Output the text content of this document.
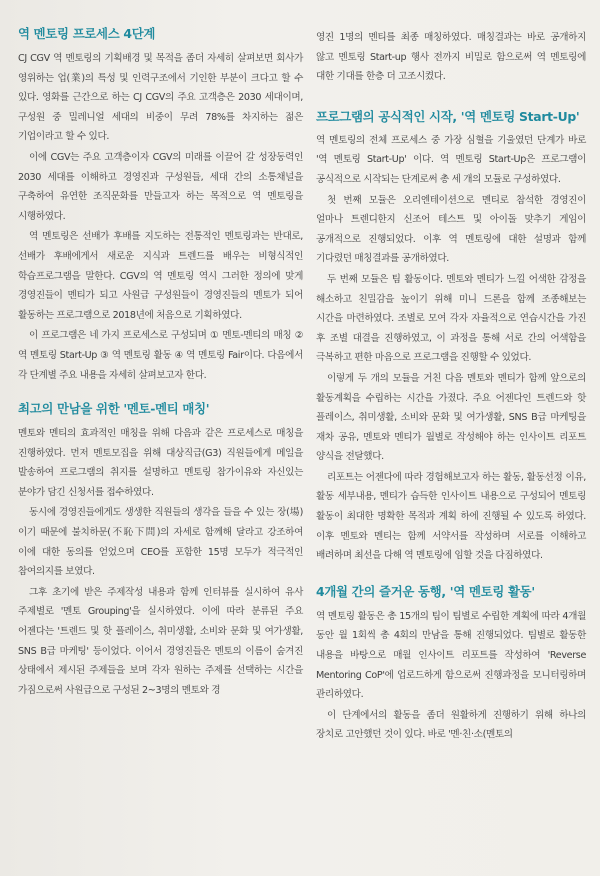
역 멘토링 프로세스 4단계

CJ CGV 역 멘토링의 기획배경 및 목적을 좀더 자세히 살펴보면 회사가 영위하는 업(業)의 특성 및 인력구조에서 기인한 부분이 크다고 할 수 있다. 영화를 근간으로 하는 CJ CGV의 주요 고객층은 2030 세대이며, 구성원 중 밀레니얼 세대의 비중이 무려 78%를 차지하는 젊은 기업이라고 할 수 있다.

이에 CGV는 주요 고객층이자 CGV의 미래를 이끌어 갈 성장동력인 2030 세대를 이해하고 경영진과 구성원들, 세대 간의 소통채널을 구축하여 유연한 조직문화를 만들고자 하는 목적으로 역 멘토링을 시행하였다.

역 멘토링은 선배가 후배를 지도하는 전통적인 멘토링과는 반대로, 선배가 후배에게서 새로운 지식과 트렌드를 배우는 비형식적인 학습프로그램을 말한다. CGV의 역 멘토링 역시 그러한 정의에 맞게 경영진들이 멘티가 되고 사원급 구성원들이 경영진들의 멘토가 되어 활동하는 프로그램으로 2018년에 처음으로 기획하였다.

이 프로그램은 네 가지 프로세스로 구성되며 ① 멘토-멘티의 매칭 ② 역 멘토링 Start-Up ③ 역 멘토링 활동 ④ 역 멘토링 Fair이다. 다음에서 각 단계별 주요 내용을 자세히 살펴보고자 한다.

최고의 만남을 위한 '멘토-멘티 매칭'

멘토와 멘티의 효과적인 매칭을 위해 다음과 같은 프로세스로 매칭을 진행하였다. 먼저 멘토모집을 위해 대상직급(G3) 직원들에게 메일을 발송하여 프로그램의 취지를 설명하고 멘토링 참가이유와 자신있는 분야가 담긴 신청서를 접수하였다.

동시에 경영진들에게도 생생한 직원들의 생각을 들을 수 있는 장(場)이기 때문에 불치하문(不恥下問)의 자세로 함께해 달라고 강조하여 이에 대한 동의를 얻었으며 CEO를 포함한 15명 모두가 적극적인 참여의지를 보였다.

그후 초기에 받은 주제작성 내용과 함께 인터뷰를 실시하여 유사 주제별로 '멘토 Grouping'을 실시하였다. 이에 따라 분류된 주요 어젠다는 '트렌드 및 핫 플레이스, 취미생활, 소비와 문화 및 여가생활, SNS B급 마케팅' 등이었다. 이어서 경영진들은 멘토의 이름이 숨겨진 상태에서 제시된 주제들을 보며 각자 원하는 주제를 선택하는 시간을 가짐으로써 사원급으로 구성된 2~3명의 멘토와 경

영진 1명의 멘티를 최종 매칭하였다. 매칭결과는 바로 공개하지 않고 멘토링 Start-up 행사 전까지 비밀로 함으로써 역 멘토링에 대한 기대를 한층 더 고조시켰다.

프로그램의 공식적인 시작, '역 멘토링 Start-Up'

역 멘토링의 전체 프로세스 중 가장 심혈을 기울였던 단계가 바로 '역 멘토링 Start-Up' 이다. 역 멘토링 Start-Up은 프로그램이 공식적으로 시작되는 단계로써 총 세 개의 모듈로 구성하였다.

첫 번째 모듈은 오리엔테이션으로 멘티로 참석한 경영진이 얼마나 트렌디한지 신조어 테스트 및 아이돌 맞추기 게임이 공개적으로 진행되었다. 이후 역 멘토링에 대한 설명과 함께 기다렸던 매칭결과를 공개하였다.

두 번째 모듈은 팀 활동이다. 멘토와 멘티가 느낄 어색한 감정을 해소하고 친밀감을 높이기 위해 미니 드론을 함께 조종해보는 시간을 마련하였다. 조별로 모여 각자 자율적으로 연습시간을 가진 후 조별 대결을 진행하였고, 이 과정을 통해 서로 간의 어색함을 극복하고 편한 마음으로 프로그램을 진행할 수 있었다.

이렇게 두 개의 모듈을 거친 다음 멘토와 멘티가 함께 앞으로의 활동계획을 수립하는 시간을 가졌다. 주요 어젠다인 트렌드와 핫 플레이스, 취미생활, 소비와 문화 및 여가생활, SNS B급 마케팅을 재차 공유, 멘토와 멘티가 월별로 작성해야 하는 인사이트 리포트 양식을 전달했다.

리포트는 어젠다에 따라 경험해보고자 하는 활동, 활동선정 이유, 활동 세부내용, 멘티가 습득한 인사이트 내용으로 구성되어 멘토링 활동이 최대한 명확한 목적과 계획 하에 진행될 수 있도록 하였다. 이후 멘토와 멘티는 함께 서약서를 작성하며 서로를 이해하고 배려하며 최선을 다해 역 멘토링에 임할 것을 다짐하였다.

4개월 간의 즐거운 동행, '역 멘토링 활동'

역 멘토링 활동은 총 15개의 팀이 팀별로 수립한 계획에 따라 4개월 동안 월 1회씩 총 4회의 만남을 통해 진행되었다. 팀별로 활동한 내용을 바탕으로 매월 인사이트 리포트를 작성하여 'Reverse Mentoring CoP'에 업로드하게 함으로써 진행과정을 모니터링하며 관리하였다.

이 단계에서의 활동을 좀더 원활하게 진행하기 위해 하나의 장치로 고안했던 것이 있다. 바로 '멘·친·소(멘토의
